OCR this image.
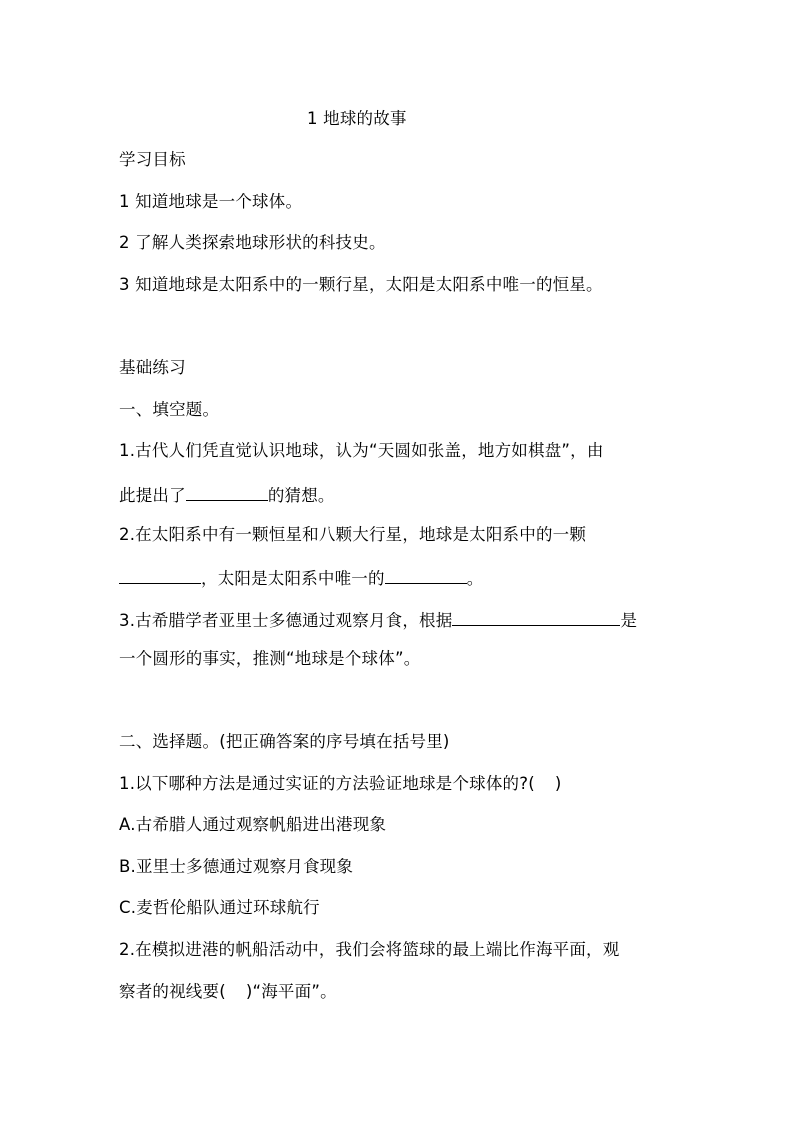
1 地球的故事
学习目标
1 知道地球是一个球体。
2 了解人类探索地球形状的科技史。
3 知道地球是太阳系中的一颗行星，太阳是太阳系中唯一的恒星。
基础练习
一、填空题。
1.古代人们凭直觉认识地球，认为“天圆如张盖，地方如棋盘”，由
此提出了	的猜想。
2.在太阳系中有一颗恒星和八颗大行星，地球是太阳系中的一颗
，太阳是太阳系中唯一的	。
3.古希腊学者亚里士多德通过观察月食，根据	是
一个圆形的事实，推测“地球是个球体”。
二、选择题。(把正确答案的序号填在括号里)
1.以下哪种方法是通过实证的方法验证地球是个球体的?( )
A.古希腊人通过观察帆船进出港现象
B.亚里士多德通过观察月食现象
C.麦哲伦船队通过环球航行
2.在模拟进港的帆船活动中，我们会将篮球的最上端比作海平面，观
察者的视线要( )“海平面”。
